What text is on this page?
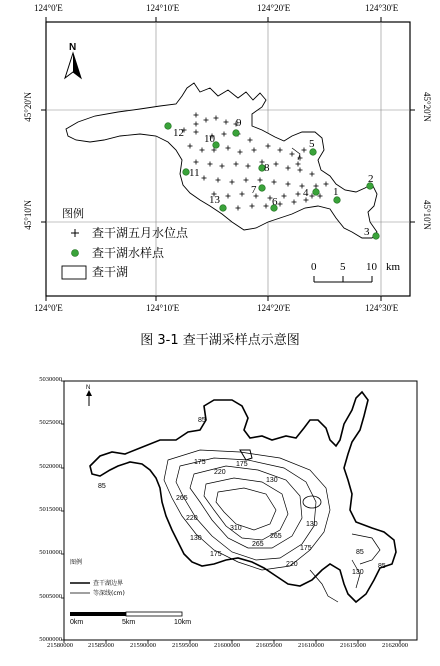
124°0'E	124°10'E	124°20'E	124°30'E
124°0'E	124°10'E	124°20'E	124°30'E
45°20'N
45°10'N
45°20'N
45°10'N
N
1
2
3
4
5
6
7
8
9
10
11
12
13
图例
查干湖五月水位点
查干湖水样点
查干湖	0 5 10 km
图 3-1 查干湖采样点示意图
5030000
5025000
5020000
5015000
5010000
5005000
5000000
21580000 21585000 21590000 21595000 21600000 21605000 21610000 21615000 21620000
N
85
85
175
220
175
130
265
310
130
220
130
175
265
220
175
85
130
85
265
图例
查干湖边界
等深线(cm)
0km	5km	10km
